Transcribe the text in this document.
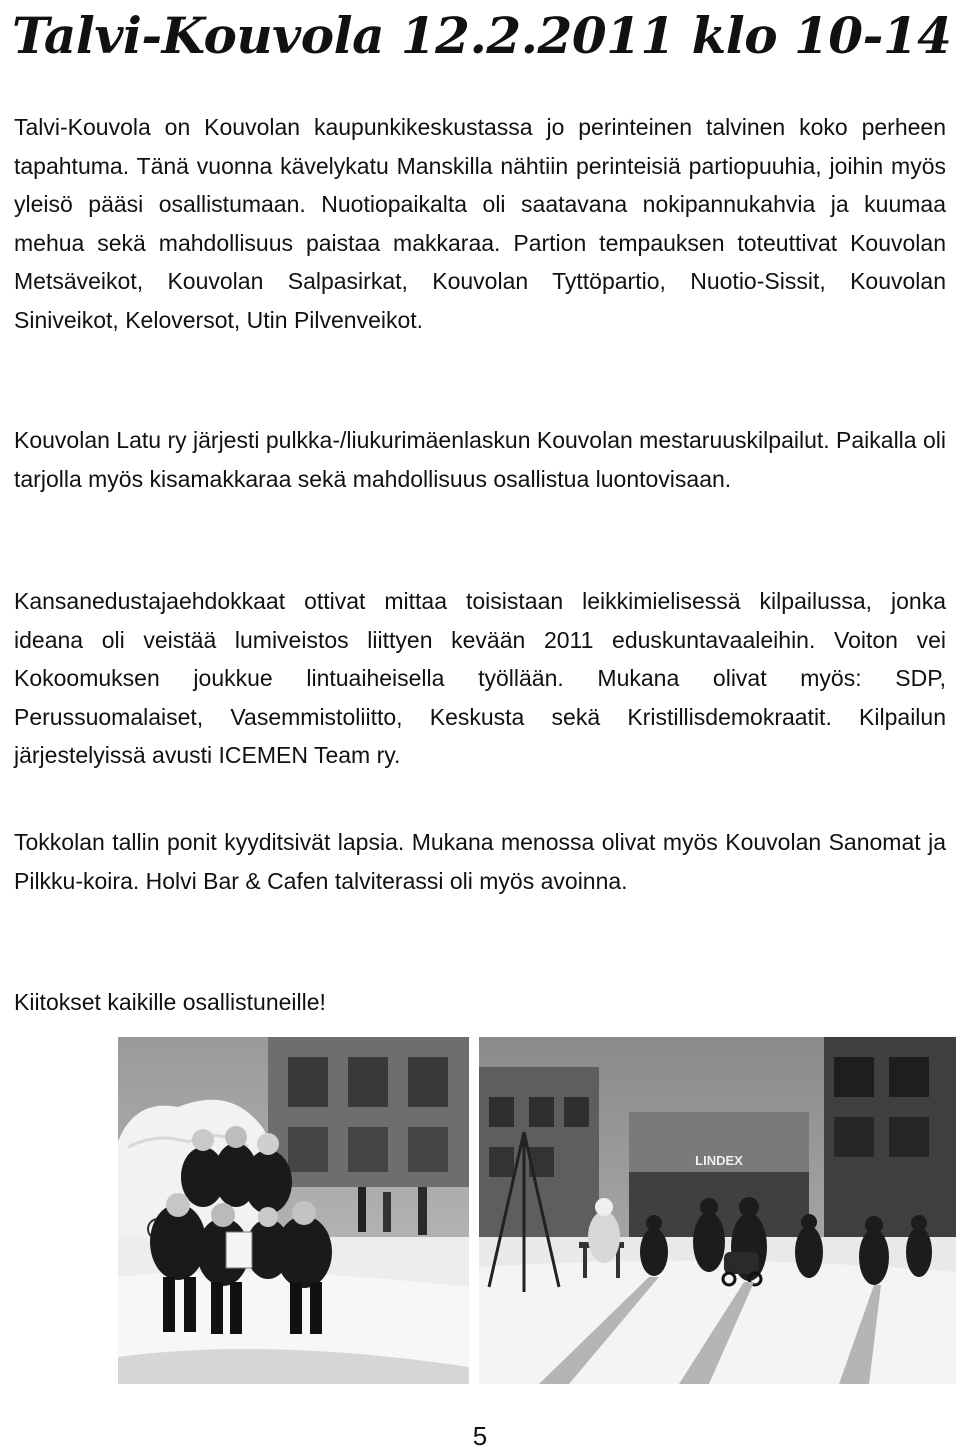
Talvi-Kouvola 12.2.2011 klo 10-14

Talvi-Kouvola on Kouvolan kaupunkikeskustassa jo perinteinen talvinen koko perheen tapahtuma. Tänä vuonna kävelykatu Manskilla nähtiin perinteisiä partiopuuhia, joihin myös yleisö pääsi osallistumaan. Nuotiopaikalta oli saatavana nokipannukahvia ja kuumaa mehua sekä mahdollisuus paistaa makkaraa. Partion tempauksen toteuttivat Kouvolan Metsäveikot, Kouvolan Salpasirkat, Kouvolan Tyttöpartio, Nuotio-Sissit, Kouvolan Siniveikot, Keloversot, Utin Pilvenveikot.

Kouvolan Latu ry järjesti pulkka-/liukurimäenlaskun Kouvolan mestaruuskilpailut. Paikalla oli tarjolla myös kisamakkaraa sekä mahdollisuus osallistua luontovisaan.

Kansanedustajaehdokkaat ottivat mittaa toisistaan leikkimielisessä kilpailussa, jonka ideana oli veistää lumiveistos liittyen kevään 2011 eduskuntavaaleihin. Voiton vei Kokoomuksen joukkue lintuaiheisella työllään. Mukana olivat myös: SDP, Perussuomalaiset, Vasemmistoliitto, Keskusta sekä Kristillisdemokraatit. Kilpailun järjestelyissä avusti ICEMEN Team ry.

Tokkolan tallin ponit kyyditsivät lapsia. Mukana menossa olivat myös Kouvolan Sanomat ja Pilkku-koira. Holvi Bar & Cafen talviterassi oli myös avoinna.

Kiitokset kaikille osallistuneille!

LINDEX
5
